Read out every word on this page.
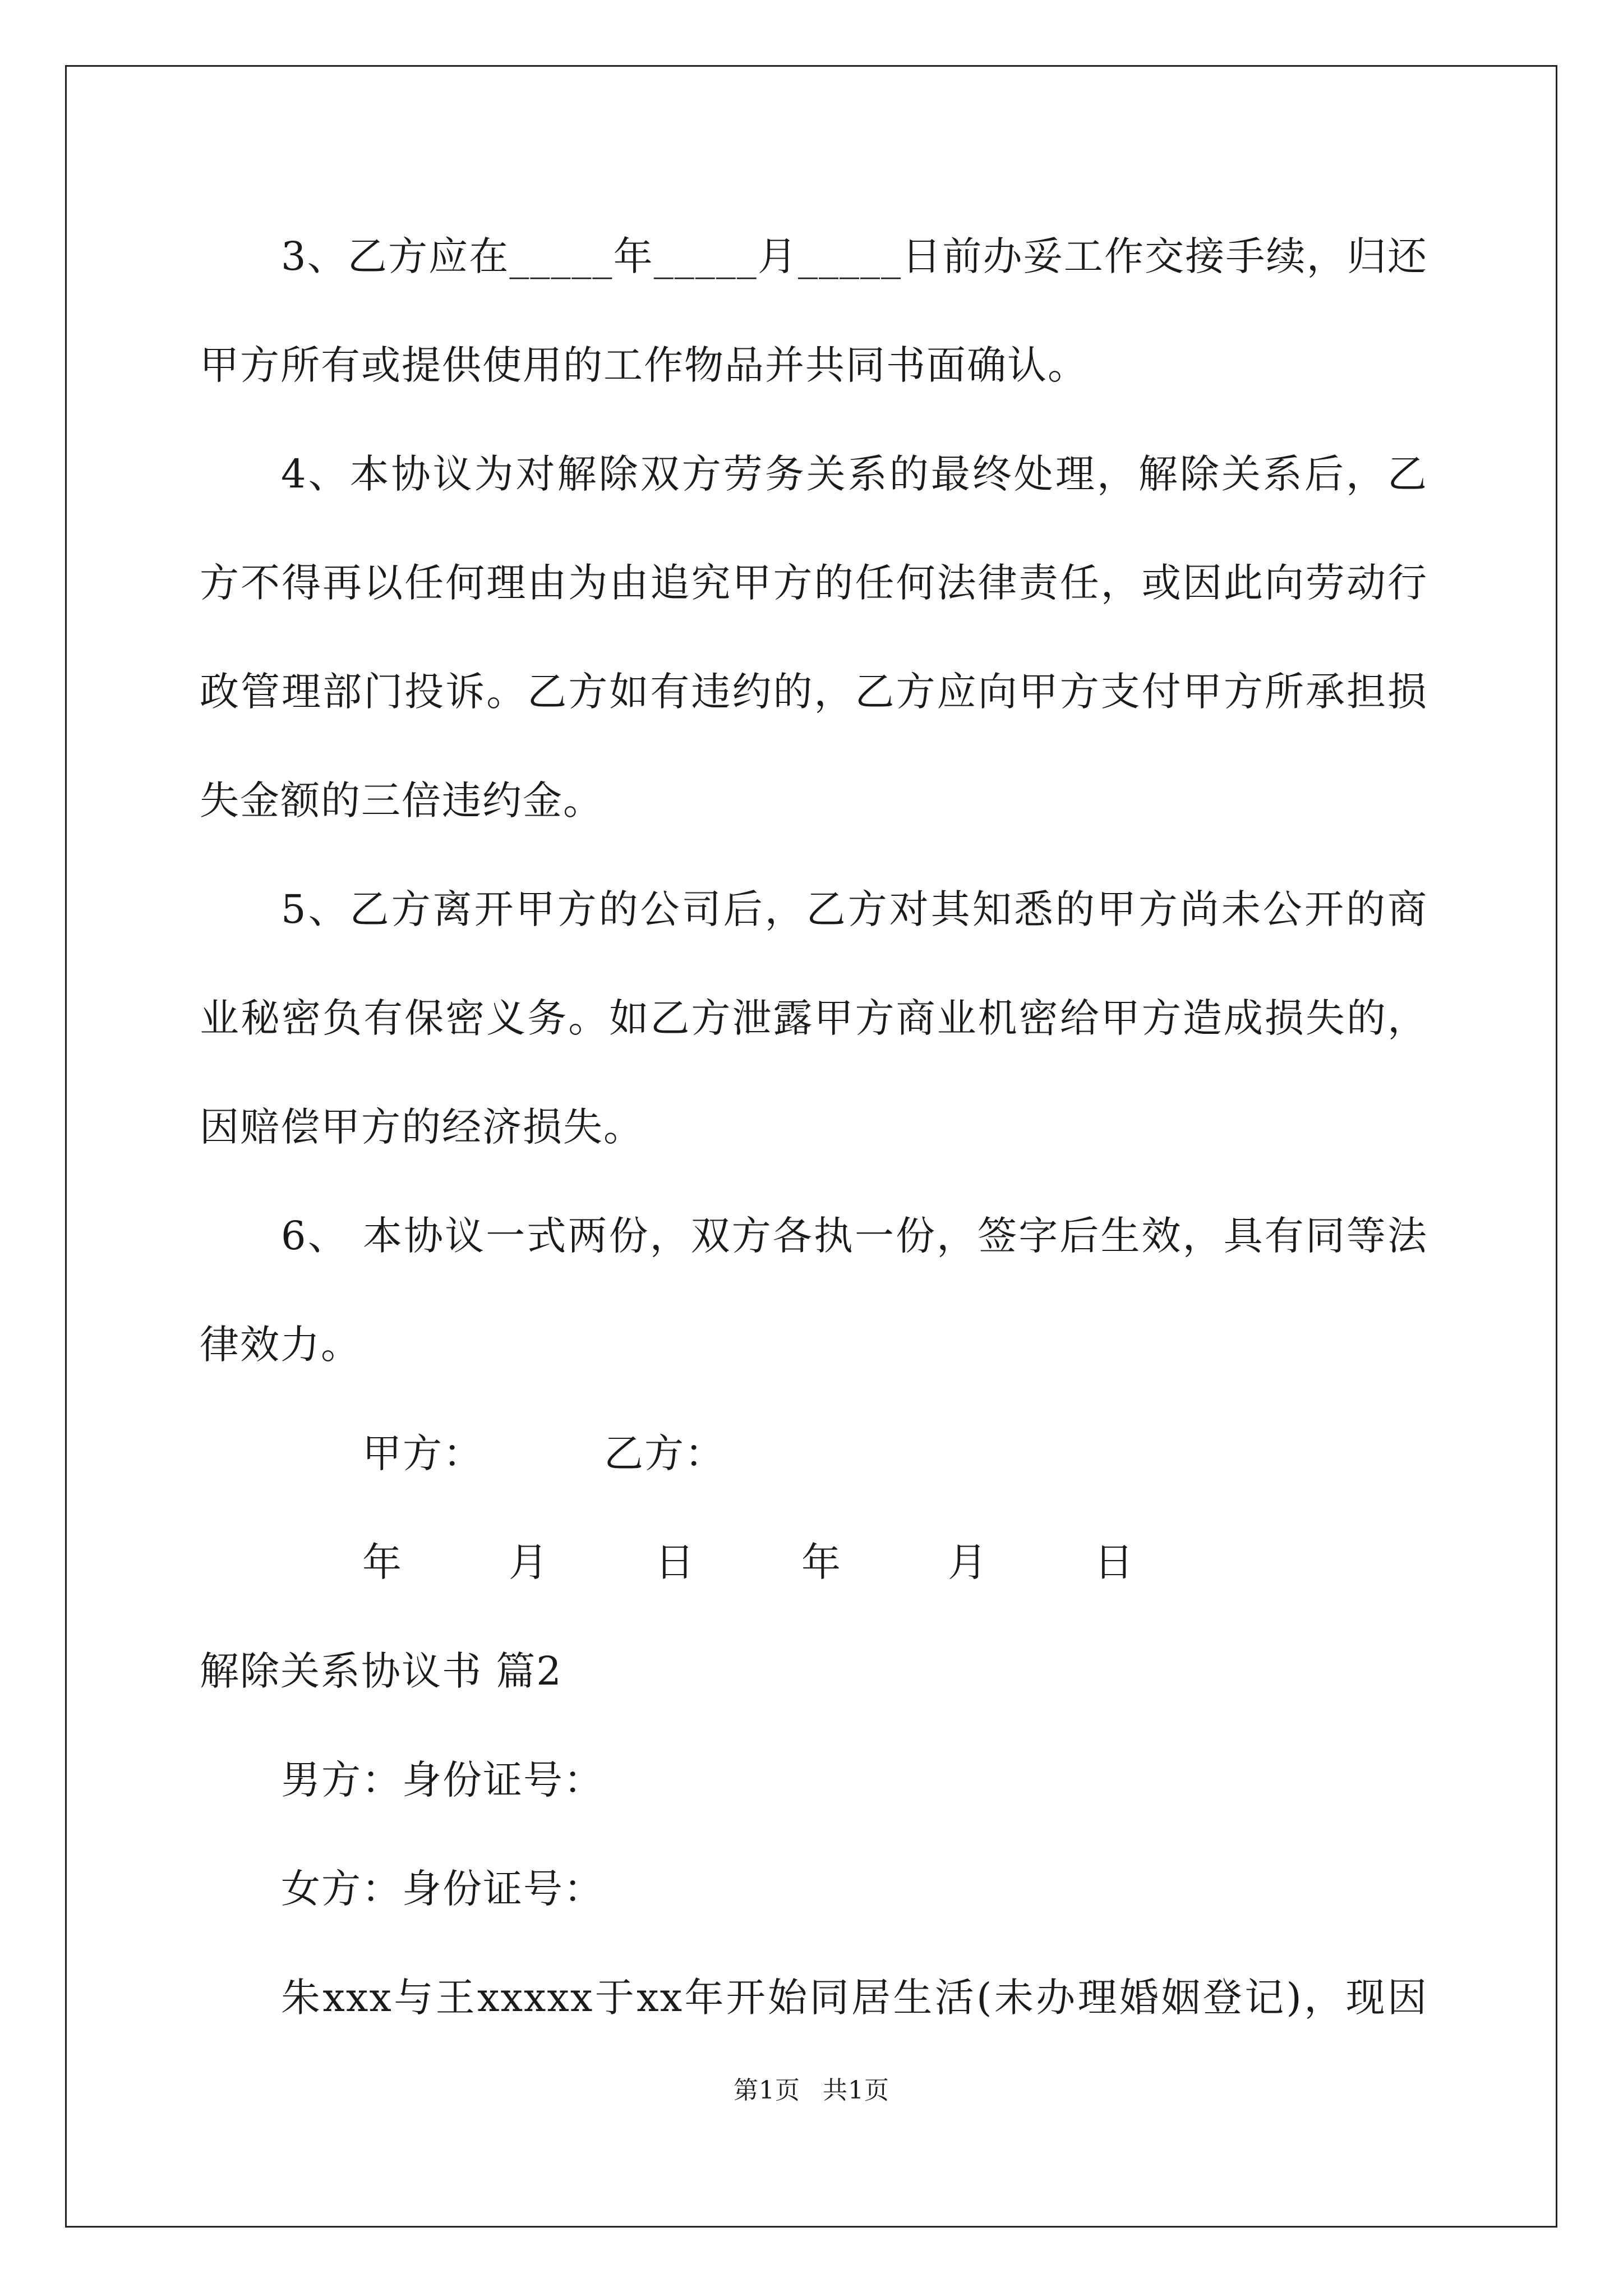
3、乙方应在_____年_____月_____日前办妥工作交接手续，归还甲方所有或提供使用的工作物品并共同书面确认。

4、本协议为对解除双方劳务关系的最终处理，解除关系后，乙方不得再以任何理由为由追究甲方的任何法律责任，或因此向劳动行政管理部门投诉。乙方如有违约的，乙方应向甲方支付甲方所承担损失金额的三倍违约金。

5、乙方离开甲方的公司后，乙方对其知悉的甲方尚未公开的商业秘密负有保密义务。如乙方泄露甲方商业机密给甲方造成损失的，因赔偿甲方的经济损失。

6、 本协议一式两份，双方各执一份，签字后生效，具有同等法律效力。

甲方：	乙方：

年	月	日	年	月	日

解除关系协议书 篇2

男方：身份证号：

女方：身份证号：

朱xxx与王xxxxx于xx年开始同居生活(未办理婚姻登记)，现因

第1页 共1页
